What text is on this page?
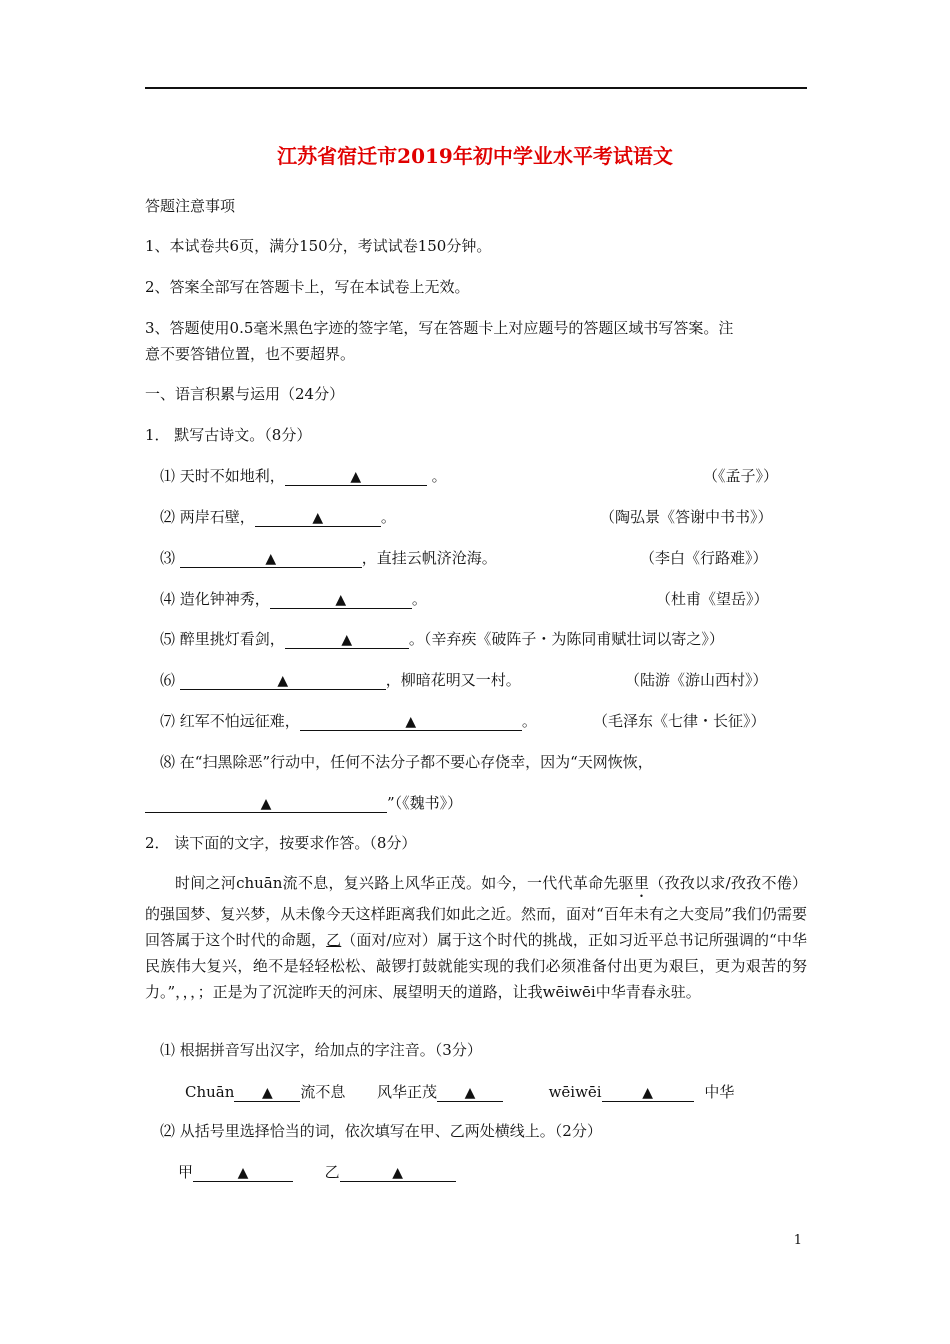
江苏省宿迁市2019年初中学业水平考试语文
答题注意事项
1、本试卷共6页，满分150分，考试试卷150分钟。
2、答案全部写在答题卡上，写在本试卷上无效。
3、答题使用0.5毫米黑色字迹的签字笔，写在答题卡上对应题号的答题区域书写答案。注
意不要答错位置，也不要超界。
一、语言积累与运用（24分）
1． 默写古诗文。（8分）
⑴ 天时不如地利，	▲	。	（《孟子》）
⑵ 两岸石壁，	▲	。	（陶弘景《答谢中书书》）
⑶	▲	，直挂云帆济沧海。	（李白《行路难》）
⑷ 造化钟神秀，	▲	。	（杜甫《望岳》）
⑸ 醉里挑灯看剑，	▲	。（辛弃疾《破阵子・为陈同甫赋壮词以寄之》）
⑹	▲	，柳暗花明又一村。	（陆游《游山西村》）
⑺ 红军不怕远征难，	▲	。	（毛泽东《七律・长征》）
⑻ 在“扫黑除恶”行动中，任何不法分子都不要心存侥幸，因为“天网恢恢，
▲	”（《魏书》）
2． 读下面的文字，按要求作答。（8分）
时间之河chuān流不息，复兴路上风华正茂。如今，一代代革命先驱里（孜孜以求/孜孜不倦）的强国梦、复兴梦，从未像今天这样距离我们如此之近。然而，面对“百年未有之大变局”我们仍需要回答属于这个时代的命题，乙（面对/应对）属于这个时代的挑战，正如习近平总书记所强调的“中华民族伟大复兴，绝不是轻轻松松、敲锣打鼓就能实现的我们必须准备付出更为艰巨，更为艰苦的努力。”，，，；正是为了沉淀昨天的河床、展望明天的道路，让我wēiwēi中华青春永驻。
⑴ 根据拼音写出汉字，给加点的字注音。（3分）
Chuān ▲ 流不息 风华正茂 ▲	wēiwēi	▲	中华
⑵ 从括号里选择恰当的词，依次填写在甲、乙两处横线上。（2分）
甲	▲	乙	▲
1
